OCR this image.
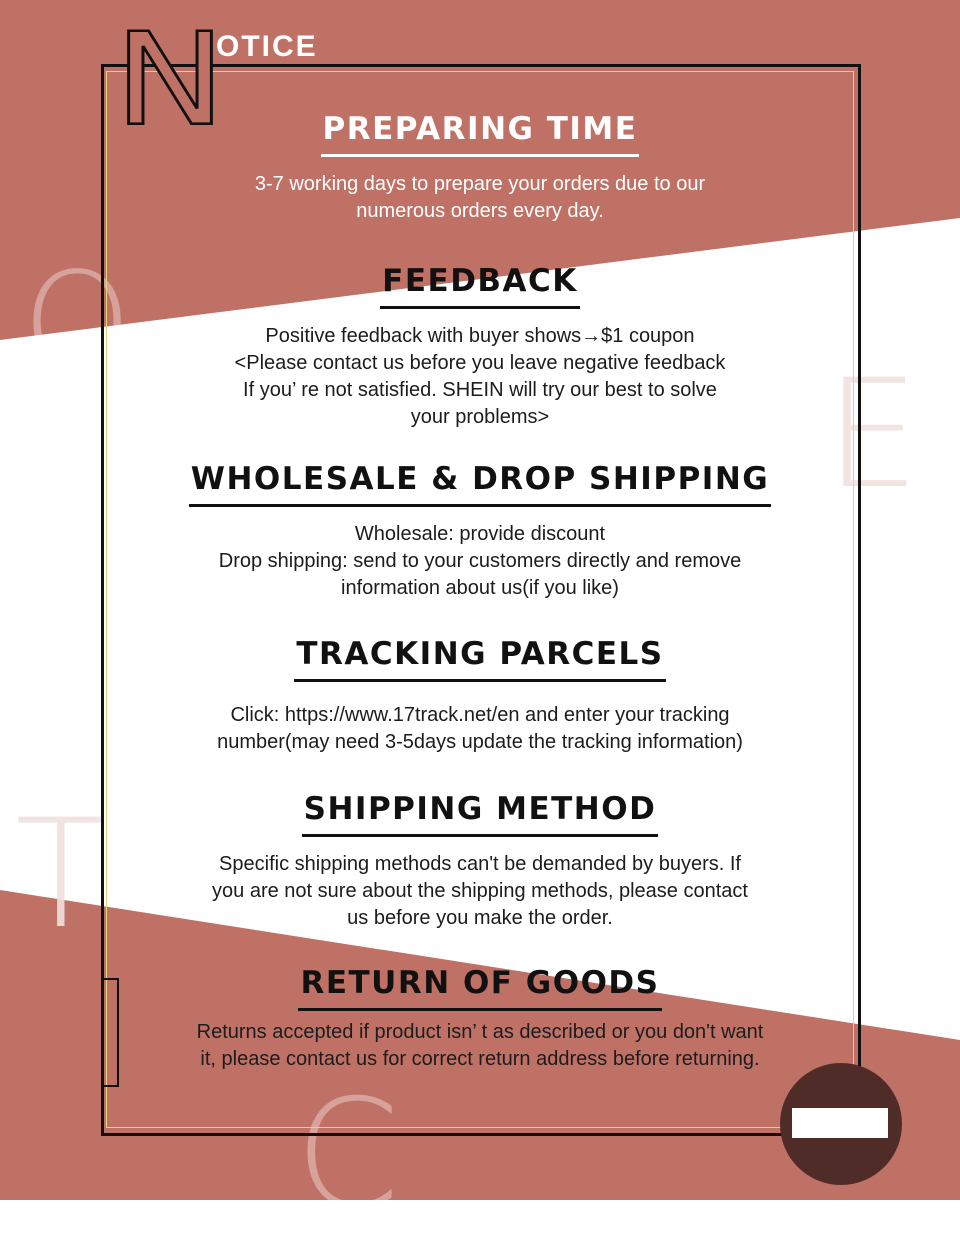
O
E
T
C
N
OTICE
PREPARING TIME
3-7 working days to prepare your orders due to our
numerous orders every day.
FEEDBACK
Positive feedback with buyer shows→$1 coupon
<Please contact us before you leave negative feedback
If you’ re not satisfied. SHEIN will try our best to solve
your problems>
WHOLESALE & DROP SHIPPING
Wholesale: provide discount
Drop shipping: send to your customers directly and remove
information about us(if you like)
TRACKING PARCELS
Click: https://www.17track.net/en and enter your tracking
number(may need 3-5days update the tracking information)
SHIPPING METHOD
Specific shipping methods can't be demanded by buyers. If
you are not sure about the shipping methods, please contact
us before you make the order.
RETURN OF GOODS
Returns accepted if product isn’ t as described or you don't want
it, please contact us for correct return address before returning.
